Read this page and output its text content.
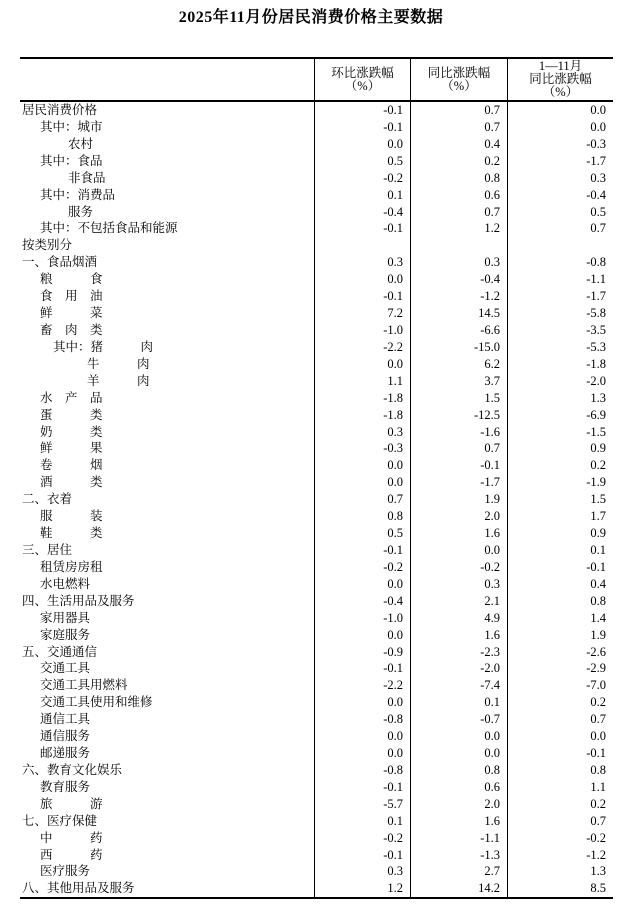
2025年11月份居民消费价格主要数据
环比涨跌幅
（%）
同比涨跌幅
（%）
1—11月
同比涨跌幅
（%）
居民消费价格	-0.1	0.7	0.0
其中：城市	-0.1	0.7	0.0
农村	0.0	0.4	-0.3
其中：食品	0.5	0.2	-1.7
非食品	-0.2	0.8	0.3
其中：消费品	0.1	0.6	-0.4
服务	-0.4	0.7	0.5
其中：不包括食品和能源	-0.1	1.2	0.7
按类别分
一、食品烟酒	0.3	0.3	-0.8
粮　　　食	0.0	-0.4	-1.1
食　用　油	-0.1	-1.2	-1.7
鲜　　　菜	7.2	14.5	-5.8
畜　肉　类	-1.0	-6.6	-3.5
其中：猪　　　肉	-2.2	-15.0	-5.3
牛　　　肉	0.0	6.2	-1.8
羊　　　肉	1.1	3.7	-2.0
水　产　品	-1.8	1.5	1.3
蛋　　　类	-1.8	-12.5	-6.9
奶　　　类	0.3	-1.6	-1.5
鲜　　　果	-0.3	0.7	0.9
卷　　　烟	0.0	-0.1	0.2
酒　　　类	0.0	-1.7	-1.9
二、衣着	0.7	1.9	1.5
服　　　装	0.8	2.0	1.7
鞋　　　类	0.5	1.6	0.9
三、居住	-0.1	0.0	0.1
租赁房房租	-0.2	-0.2	-0.1
水电燃料	0.0	0.3	0.4
四、生活用品及服务	-0.4	2.1	0.8
家用器具	-1.0	4.9	1.4
家庭服务	0.0	1.6	1.9
五、交通通信	-0.9	-2.3	-2.6
交通工具	-0.1	-2.0	-2.9
交通工具用燃料	-2.2	-7.4	-7.0
交通工具使用和维修	0.0	0.1	0.2
通信工具	-0.8	-0.7	0.7
通信服务	0.0	0.0	0.0
邮递服务	0.0	0.0	-0.1
六、教育文化娱乐	-0.8	0.8	0.8
教育服务	-0.1	0.6	1.1
旅　　　游	-5.7	2.0	0.2
七、医疗保健	0.1	1.6	0.7
中　　　药	-0.2	-1.1	-0.2
西　　　药	-0.1	-1.3	-1.2
医疗服务	0.3	2.7	1.3
八、其他用品及服务	1.2	14.2	8.5
